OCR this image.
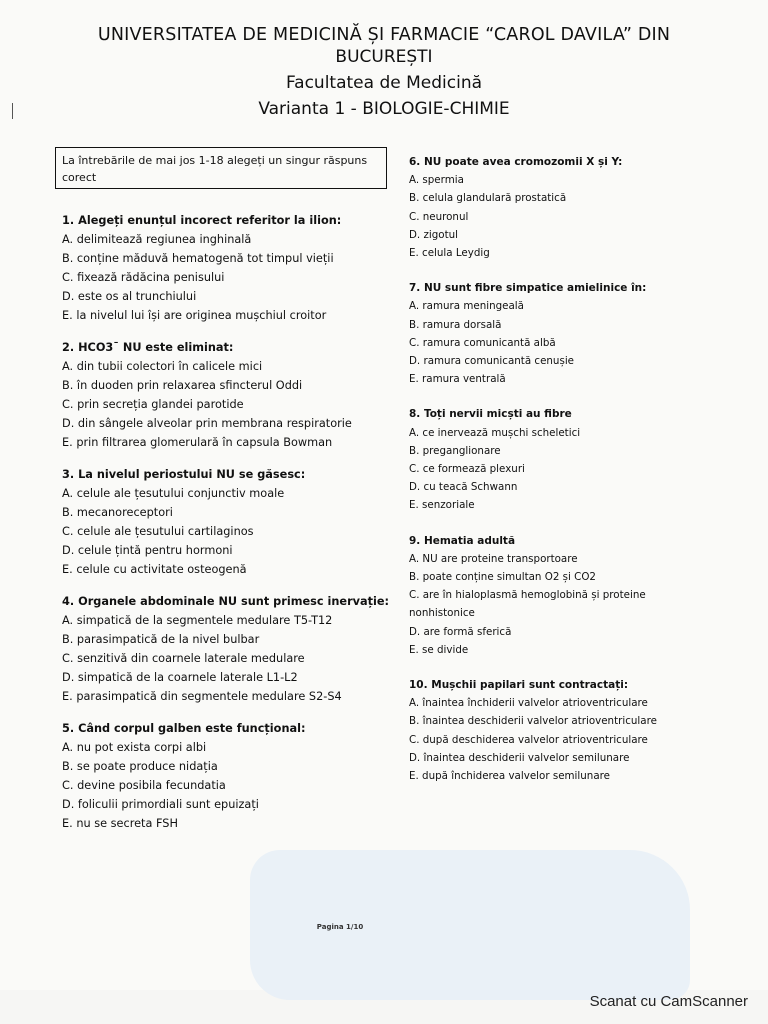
UNIVERSITATEA DE MEDICINĂ ȘI FARMACIE “CAROL DAVILA” DIN
BUCUREȘTI
Facultatea de Medicină
Varianta 1 - BIOLOGIE-CHIMIE
La întrebările de mai jos 1-18 alegeți un singur răspuns corect
1. Alegeți enunțul incorect referitor la ilion:
A. delimitează regiunea inghinală
B. conține măduvă hematogenă tot timpul vieții
C. fixează rădăcina penisului
D. este os al trunchiului
E. la nivelul lui își are originea mușchiul croitor
2. HCO3¯ NU este eliminat:
A. din tubii colectori în calicele mici
B. în duoden prin relaxarea sfincterul Oddi
C. prin secreția glandei parotide
D. din sângele alveolar prin membrana respiratorie
E. prin filtrarea glomerulară în capsula Bowman
3. La nivelul periostului NU se găsesc:
A. celule ale țesutului conjunctiv moale
B. mecanoreceptori
C. celule ale țesutului cartilaginos
D. celule țintă pentru hormoni
E. celule cu activitate osteogenă
4. Organele abdominale NU sunt primesc inervație:
A. simpatică de la segmentele medulare T5-T12
B. parasimpatică de la nivel bulbar
C. senzitivă din coarnele laterale medulare
D. simpatică de la coarnele laterale L1-L2
E. parasimpatică din segmentele medulare S2-S4
5. Când corpul galben este funcțional:
A. nu pot exista corpi albi
B. se poate produce nidația
C. devine posibila fecundatia
D. foliculii primordiali sunt epuizați
E. nu se secreta FSH
6. NU poate avea cromozomii X și Y:
A. spermia
B. celula glandulară prostatică
C. neuronul
D. zigotul
E. celula Leydig
7. NU sunt fibre simpatice amielinice în:
A. ramura meningeală
B. ramura dorsală
C. ramura comunicantă albă
D. ramura comunicantă cenușie
E. ramura ventrală
8. Toți nervii micști au fibre
A. ce inervează mușchi scheletici
B. preganglionare
C. ce formează plexuri
D. cu teacă Schwann
E. senzoriale
9. Hematia adultă
A. NU are proteine transportoare
B. poate conține simultan O2 și CO2
C. are în hialoplasmă hemoglobină și proteine nonhistonice
D. are formă sferică
E. se divide
10. Mușchii papilari sunt contractați:
A. înaintea închiderii valvelor atrioventriculare
B. înaintea deschiderii valvelor atrioventriculare
C. după deschiderea valvelor atrioventriculare
D. înaintea deschiderii valvelor semilunare
E. după închiderea valvelor semilunare
Pagina 1/10
Scanat cu CamScanner
